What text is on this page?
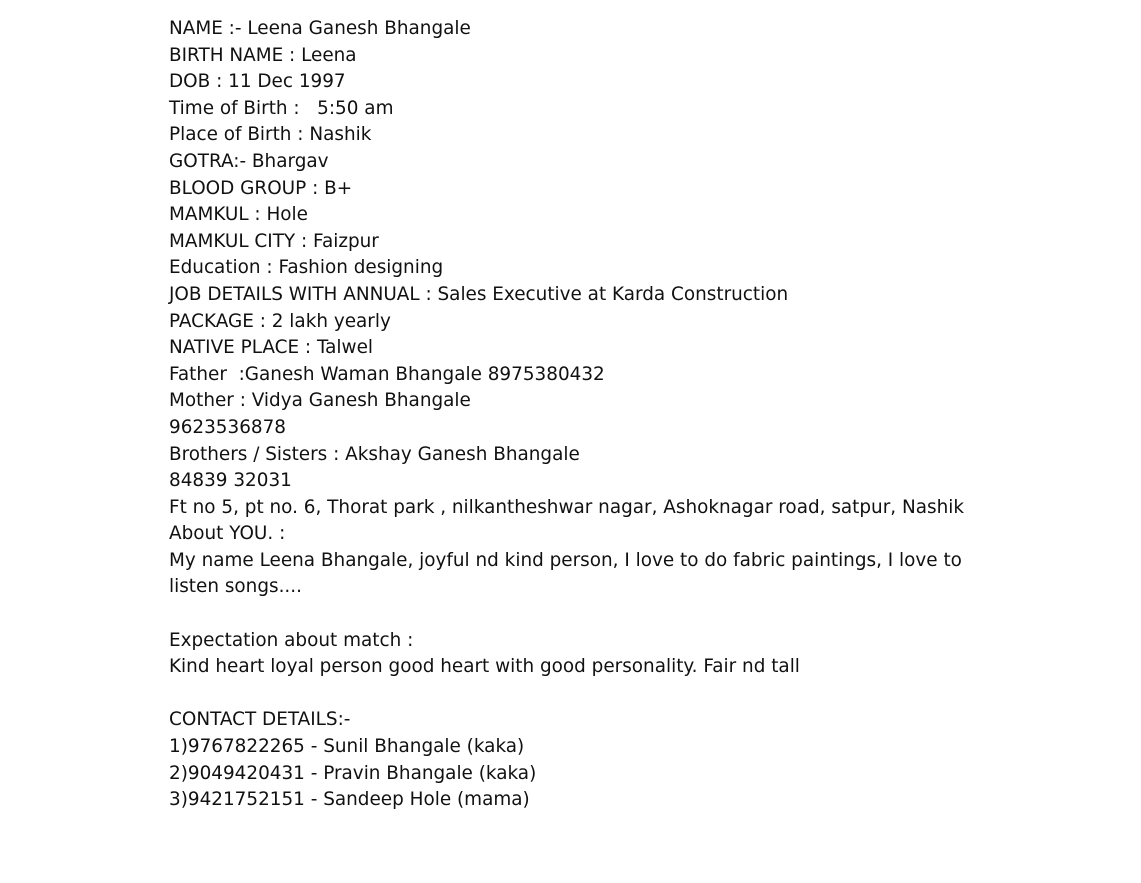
NAME :- Leena Ganesh Bhangale
BIRTH NAME : Leena
DOB : 11 Dec 1997
Time of Birth :   5:50 am
Place of Birth : Nashik
GOTRA:- Bhargav
BLOOD GROUP : B+
MAMKUL : Hole
MAMKUL CITY : Faizpur
Education : Fashion designing
JOB DETAILS WITH ANNUAL : Sales Executive at Karda Construction
PACKAGE : 2 lakh yearly
NATIVE PLACE : Talwel
Father  :Ganesh Waman Bhangale 8975380432
Mother : Vidya Ganesh Bhangale
9623536878
Brothers / Sisters : Akshay Ganesh Bhangale
84839 32031
Ft no 5, pt no. 6, Thorat park , nilkantheshwar nagar, Ashoknagar road, satpur, Nashik
About YOU. :
My name Leena Bhangale, joyful nd kind person, I love to do fabric paintings, I love to listen songs....
Expectation about match :
Kind heart loyal person good heart with good personality. Fair nd tall
CONTACT DETAILS:-
1)9767822265 - Sunil Bhangale (kaka)
2)9049420431 - Pravin Bhangale (kaka)
3)9421752151 - Sandeep Hole (mama)
